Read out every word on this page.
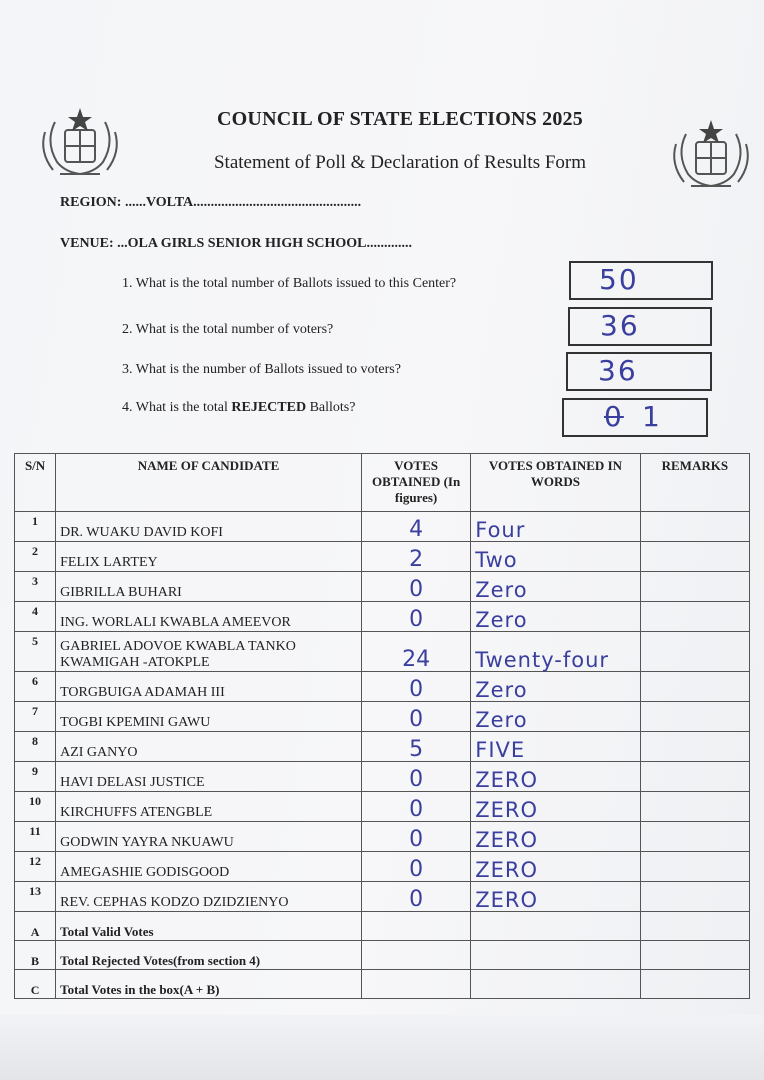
COUNCIL OF STATE ELECTIONS 2025
Statement of Poll & Declaration of Results Form
REGION: ......VOLTA................................................
VENUE: ...OLA GIRLS SENIOR HIGH SCHOOL.............
1. What is the total number of Ballots issued to this Center?	50
2. What is the total number of voters?	36
3. What is the number of Ballots issued to voters?	36
4. What is the total REJECTED Ballots?	0 1
S/N	NAME OF CANDIDATE	VOTES OBTAINED (In figures)	VOTES OBTAINED IN WORDS	REMARKS
1	DR. WUAKU DAVID KOFI	4	Four	
2	FELIX LARTEY	2	Two	
3	GIBRILLA BUHARI	0	Zero	
4	ING. WORLALI KWABLA AMEEVOR	0	Zero	
5	GABRIEL ADOVOE KWABLA TANKO KWAMIGAH -ATOKPLE	24	Twenty-four	
6	TORGBUIGA ADAMAH III	0	Zero	
7	TOGBI KPEMINI GAWU	0	Zero	
8	AZI GANYO	5	FIVE	
9	HAVI DELASI JUSTICE	0	ZERO	
10	KIRCHUFFS ATENGBLE	0	ZERO	
11	GODWIN YAYRA NKUAWU	0	ZERO	
12	AMEGASHIE GODISGOOD	0	ZERO	
13	REV. CEPHAS KODZO DZIDZIENYO	0	ZERO	
A	Total Valid Votes			
B	Total Rejected Votes(from section 4)			
C	Total Votes in the box(A + B)			
